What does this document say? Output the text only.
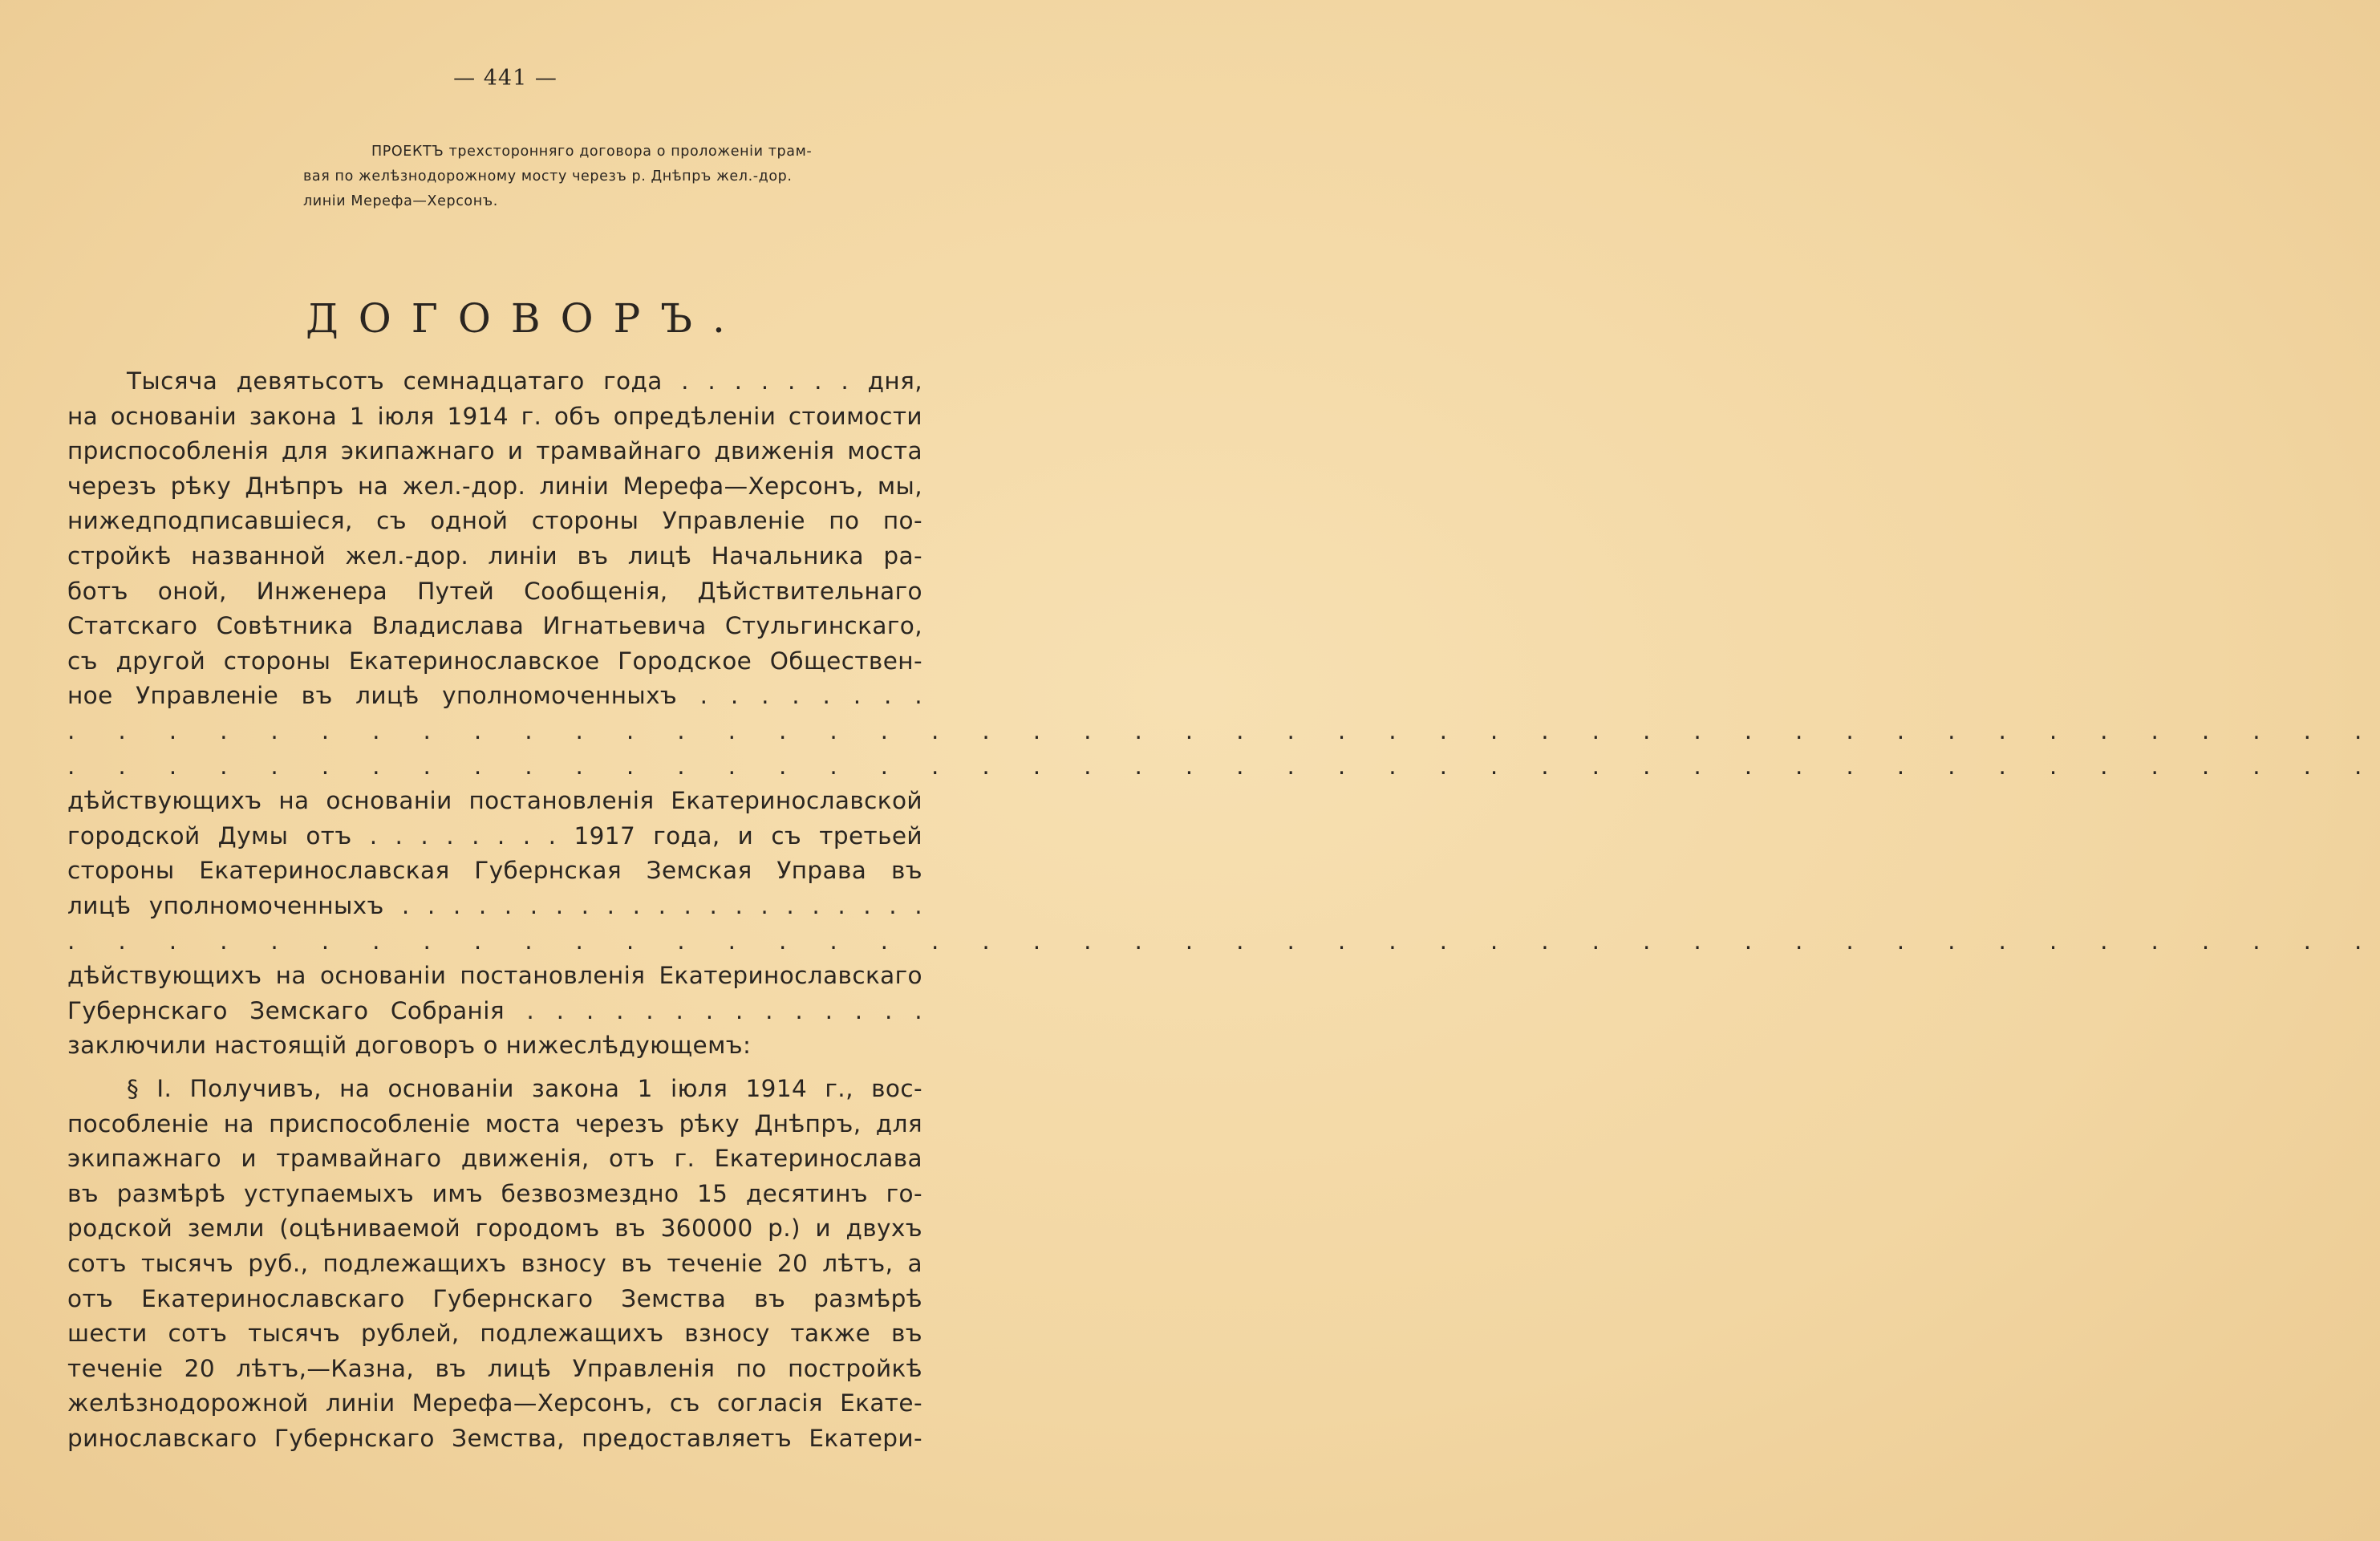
— 441 —
ПРОЕКТЪ трехсторонняго договора о проложенiи трам-
вая по желѣзнодорожному мосту черезъ р. Днѣпръ жел.-дор.
линiи Мерефа—Херсонъ.
ДОГОВОРЪ.
Тысяча девятьсотъ семнадцатаго года . . . . . . . дня,
на основанiи закона 1 iюля 1914 г. объ опредѣленiи стоимости
приспособленiя для экипажнаго и трамвайнаго движенiя моста
черезъ рѣку Днѣпръ на жел.-дор. линiи Мерефа—Херсонъ, мы,
нижедподписавшiеся, съ одной стороны Управленiе по по-
стройкѣ названной жел.-дор. линiи въ лицѣ Начальника ра-
ботъ оной, Инженера Путей Сообщенiя, Дѣйствительнаго
Статскаго Совѣтника Владислава Игнатьевича Стульгинскаго,
съ другой стороны Екатеринославское Городское Обществен-
ное Управленiе въ лицѣ уполномоченныхъ . . . . . . . .
. . . . . . . . . . . . . . . . . . . . . . . . . . . . . . . . . . . . . . . . . . . . . .
. . . . . . . . . . . . . . . . . . . . . . . . . . . . . . . . . . . . . . . . . . . . . .
дѣйствующихъ на основанiи постановленiя Екатеринославской
городской Думы отъ . . . . . . . . 1917 года, и съ третьей
стороны Екатеринославская Губернская Земская Управа въ
лицѣ уполномоченныхъ . . . . . . . . . . . . . . . . . . . . .
. . . . . . . . . . . . . . . . . . . . . . . . . . . . . . . . . . . . . . . . . . . . . .
дѣйствующихъ на основанiи постановленiя Екатеринославскаго
Губернскаго Земскаго Собранiя . . . . . . . . . . . . . .
заключили настоящiй договоръ о нижеслѣдующемъ:
§ I. Получивъ, на основанiи закона 1 iюля 1914 г., вос-
пособленiе на приспособленiе моста черезъ рѣку Днѣпръ, для
экипажнаго и трамвайнаго движенiя, отъ г. Екатеринослава
въ размѣрѣ уступаемыхъ имъ безвозмездно 15 десятинъ го-
родской земли (оцѣниваемой городомъ въ 360000 р.) и двухъ
сотъ тысячъ руб., подлежащихъ взносу въ теченiе 20 лѣтъ, а
отъ Екатеринославскаго Губернскаго Земства въ размѣрѣ
шести сотъ тысячъ рублей, подлежащихъ взносу также въ
теченiе 20 лѣтъ,—Казна, въ лицѣ Управленiя по постройкѣ
желѣзнодорожной линiи Мерефа—Херсонъ, съ согласiя Екате-
ринославскаго Губернскаго Земства, предоставляетъ Екатери-
